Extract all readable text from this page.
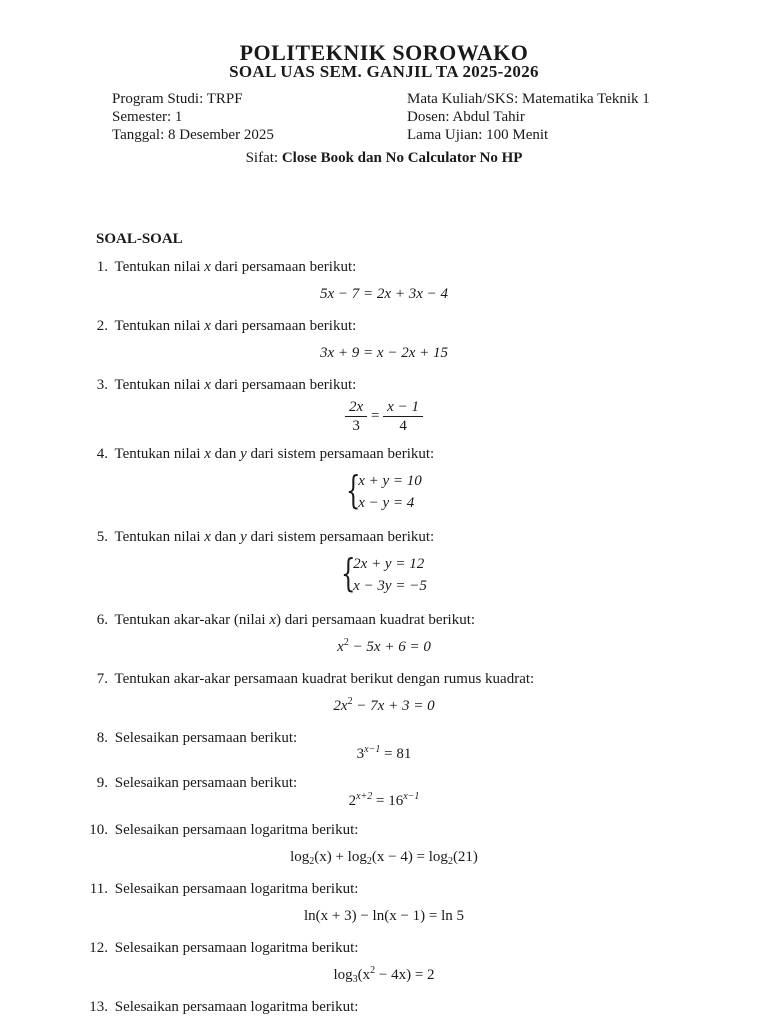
POLITEKNIK SOROWAKO
SOAL UAS SEM. GANJIL TA 2025-2026
Program Studi: TRPF
Semester: 1
Tanggal: 8 Desember 2025
Mata Kuliah/SKS: Matematika Teknik 1
Dosen: Abdul Tahir
Lama Ujian: 100 Menit
Sifat: Close Book dan No Calculator No HP
SOAL-SOAL
1. Tentukan nilai x dari persamaan berikut:
5x − 7 = 2x + 3x − 4
2. Tentukan nilai x dari persamaan berikut:
3x + 9 = x − 2x + 15
3. Tentukan nilai x dari persamaan berikut:
$\frac{2x}{3} = \frac{x - 1}{4}$
4. Tentukan nilai x dan y dari sistem persamaan berikut:
{
x + y = 10
x − y = 4
5. Tentukan nilai x dan y dari sistem persamaan berikut:
{
2x + y = 12
x − 3y = −5
6. Tentukan akar-akar (nilai x) dari persamaan kuadrat berikut:
$x^2 - 5x + 6 = 0$
7. Tentukan akar-akar persamaan kuadrat berikut dengan rumus kuadrat:
$2x^2 - 7x + 3 = 0$
8. Selesaikan persamaan berikut:
$3^{x-1} = 81$
9. Selesaikan persamaan berikut:
$2^{x+2} = 16^{x-1}$
10. Selesaikan persamaan logaritma berikut:
$\log_2(x) + \log_2(x - 4) = \log_2(21)$
11. Selesaikan persamaan logaritma berikut:
ln(x + 3) − ln(x − 1) = ln 5
12. Selesaikan persamaan logaritma berikut:
$\log_3(x^2 - 4x) = 2$
13. Selesaikan persamaan logaritma berikut:
